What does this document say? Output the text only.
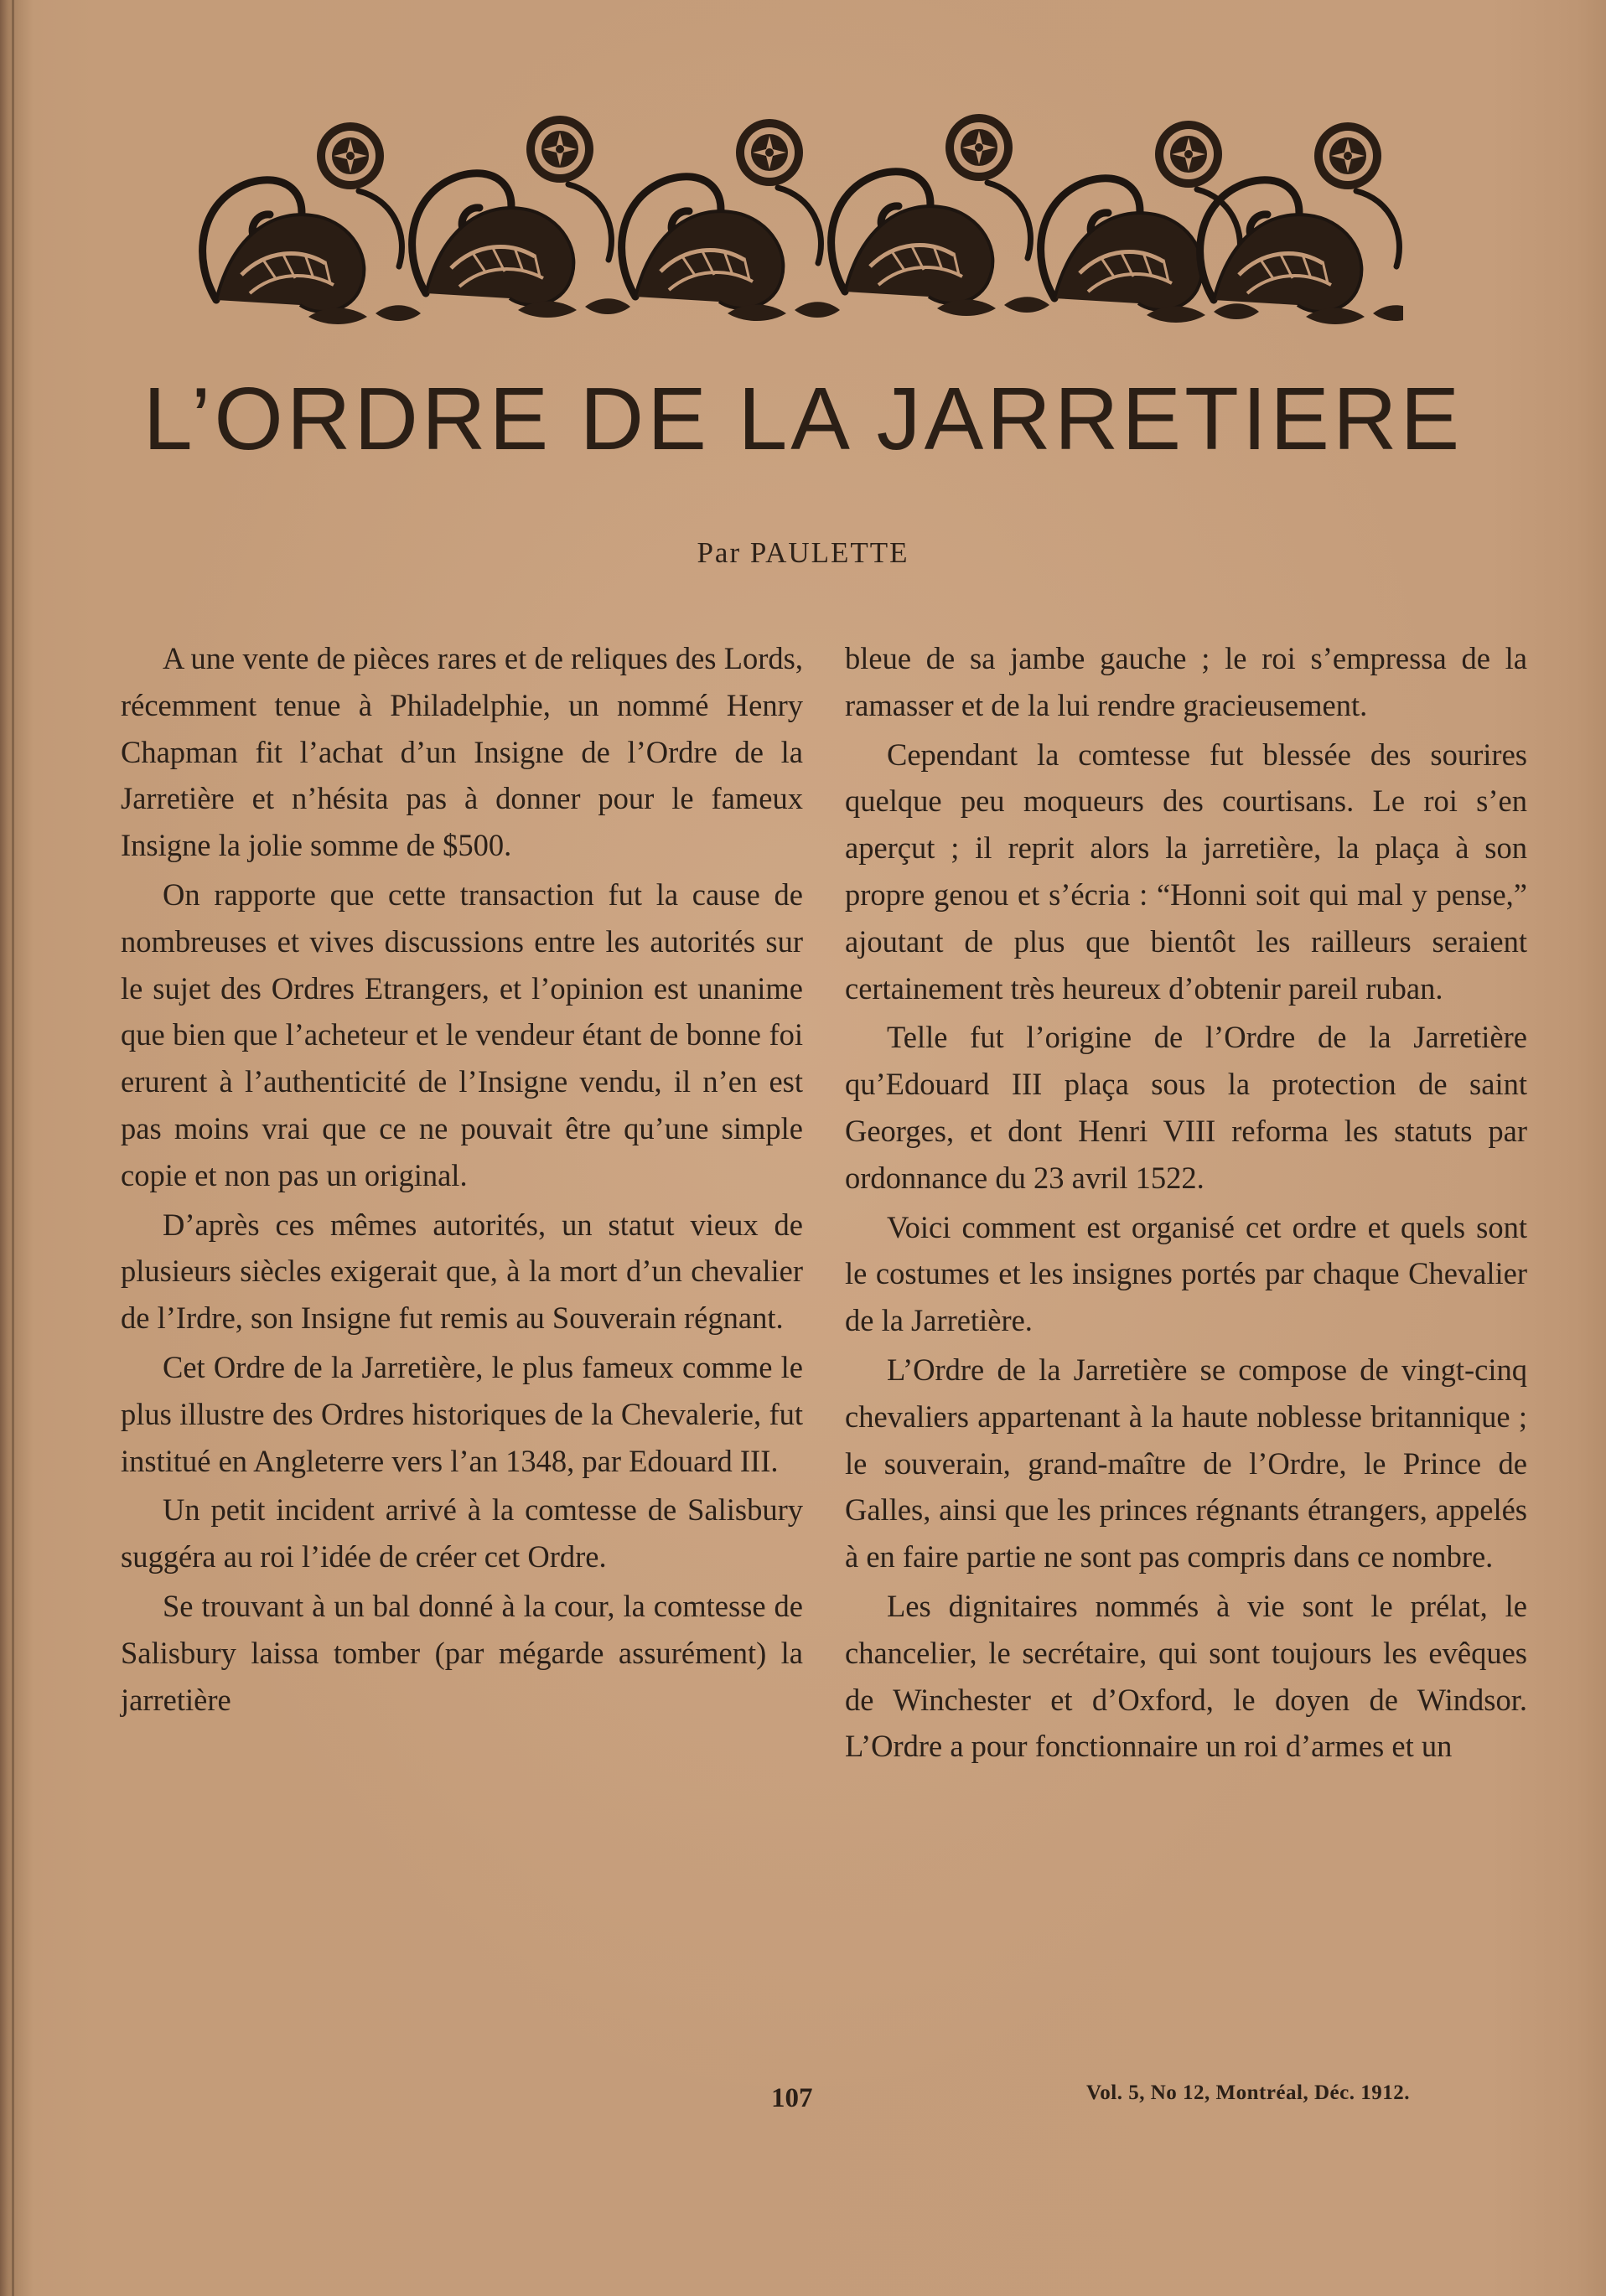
L’ORDRE DE LA JARRETIERE
Par PAULETTE

A une vente de pièces rares et de reliques des Lords, récemment tenue à Philadelphie, un nommé Henry Chapman fit l’achat d’un Insigne de l’Ordre de la Jarretière et n’hésita pas à donner pour le fameux Insigne la jolie somme de $500.

On rapporte que cette transaction fut la cause de nombreuses et vives discussions entre les autorités sur le sujet des Ordres Etrangers, et l’opinion est unanime que bien que l’acheteur et le vendeur étant de bonne foi erurent à l’authenticité de l’Insigne vendu, il n’en est pas moins vrai que ce ne pouvait être qu’une simple copie et non pas un original.

D’après ces mêmes autorités, un statut vieux de plusieurs siècles exigerait que, à la mort d’un chevalier de l’Irdre, son Insigne fut remis au Souverain régnant.

Cet Ordre de la Jarretière, le plus fameux comme le plus illustre des Ordres historiques de la Chevalerie, fut institué en Angleterre vers l’an 1348, par Edouard III.

Un petit incident arrivé à la comtesse de Salisbury suggéra au roi l’idée de créer cet Ordre.

Se trouvant à un bal donné à la cour, la comtesse de Salisbury laissa tomber (par mégarde assurément) la jarretière

bleue de sa jambe gauche ; le roi s’empressa de la ramasser et de la lui rendre gracieusement.

Cependant la comtesse fut blessée des sourires quelque peu moqueurs des courtisans. Le roi s’en aperçut ; il reprit alors la jarretière, la plaça à son propre genou et s’écria : “Honni soit qui mal y pense,” ajoutant de plus que bientôt les railleurs seraient certainement très heureux d’obtenir pareil ruban.

Telle fut l’origine de l’Ordre de la Jarretière qu’Edouard III plaça sous la protection de saint Georges, et dont Henri VIII reforma les statuts par ordonnance du 23 avril 1522.

Voici comment est organisé cet ordre et quels sont le costumes et les insignes portés par chaque Chevalier de la Jarretière.

L’Ordre de la Jarretière se compose de vingt-cinq chevaliers appartenant à la haute noblesse britannique ; le souverain, grand-maître de l’Ordre, le Prince de Galles, ainsi que les princes régnants étrangers, appelés à en faire partie ne sont pas compris dans ce nombre.

Les dignitaires nommés à vie sont le prélat, le chancelier, le secrétaire, qui sont toujours les evêques de Winchester et d’Oxford, le doyen de Windsor. L’Ordre a pour fonctionnaire un roi d’armes et un

107	Vol. 5, No 12, Montréal, Déc. 1912.
